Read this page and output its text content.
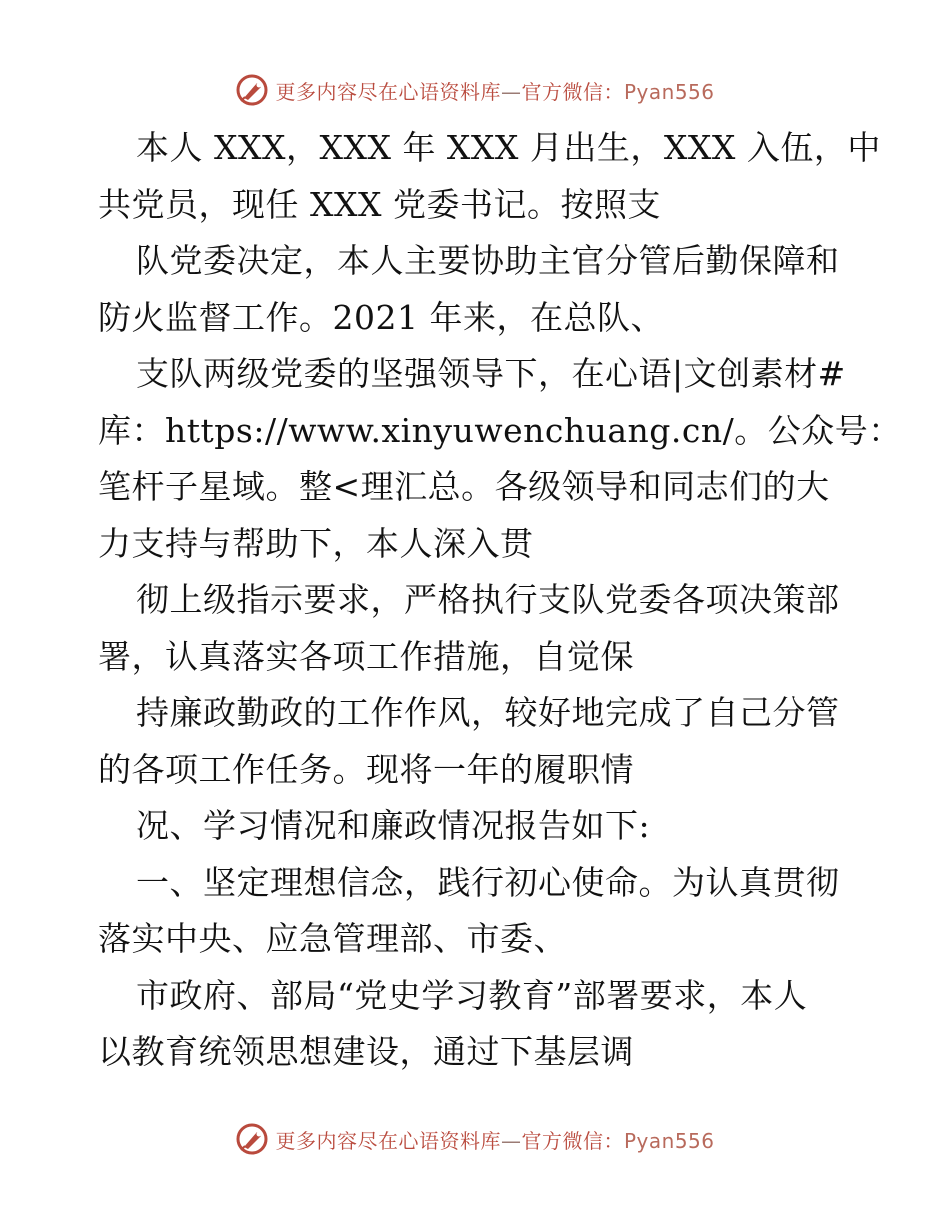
更多内容尽在心语资料库—官方微信：Pyan556
本人 XXX，XXX 年 XXX 月出生，XXX 入伍，中
共党员，现任 XXX 党委书记。按照支
队党委决定，本人主要协助主官分管后勤保障和
防火监督工作。2021 年来，在总队、
支队两级党委的坚强领导下，在心语|文创素材#
库：https://www.xinyuwenchuang.cn/。公众号：
笔杆子星域。整<理汇总。各级领导和同志们的大
力支持与帮助下，本人深入贯
彻上级指示要求，严格执行支队党委各项决策部
署，认真落实各项工作措施，自觉保
持廉政勤政的工作作风，较好地完成了自己分管
的各项工作任务。现将一年的履职情
况、学习情况和廉政情况报告如下:
一、坚定理想信念，践行初心使命。为认真贯彻
落实中央、应急管理部、市委、
市政府、部局“党史学习教育”部署要求，本人
以教育统领思想建设，通过下基层调
更多内容尽在心语资料库—官方微信：Pyan556
